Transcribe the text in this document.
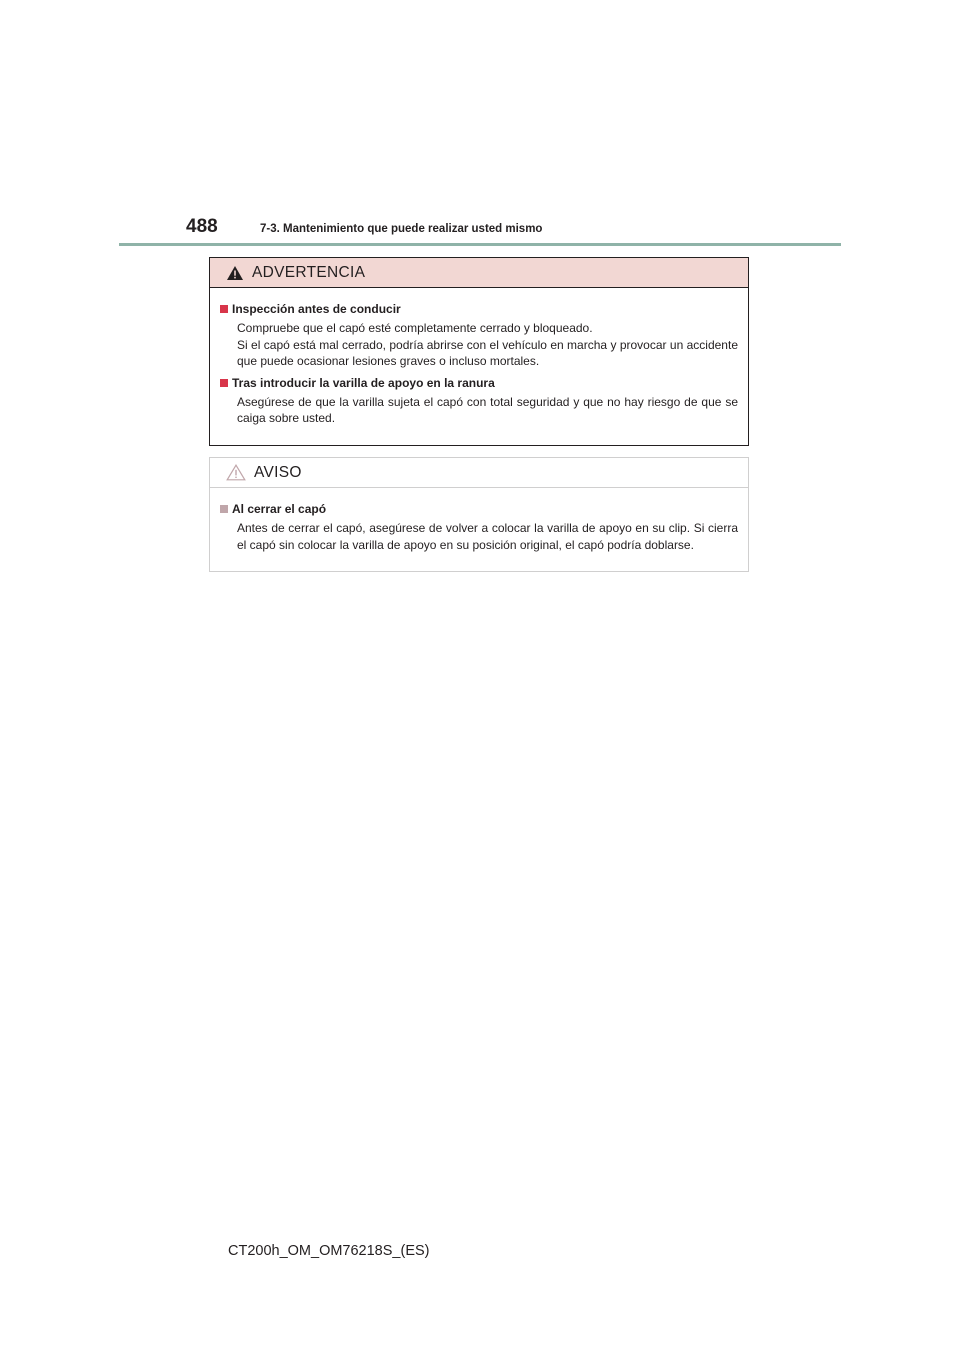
488	7-3. Mantenimiento que puede realizar usted mismo
ADVERTENCIA
Inspección antes de conducir

Compruebe que el capó esté completamente cerrado y bloqueado.

Si el capó está mal cerrado, podría abrirse con el vehículo en marcha y provocar un accidente que puede ocasionar lesiones graves o incluso mortales.

Tras introducir la varilla de apoyo en la ranura

Asegúrese de que la varilla sujeta el capó con total seguridad y que no hay riesgo de que se caiga sobre usted.

AVISO
Al cerrar el capó

Antes de cerrar el capó, asegúrese de volver a colocar la varilla de apoyo en su clip. Si cierra el capó sin colocar la varilla de apoyo en su posición original, el capó podría doblarse.

CT200h_OM_OM76218S_(ES)
